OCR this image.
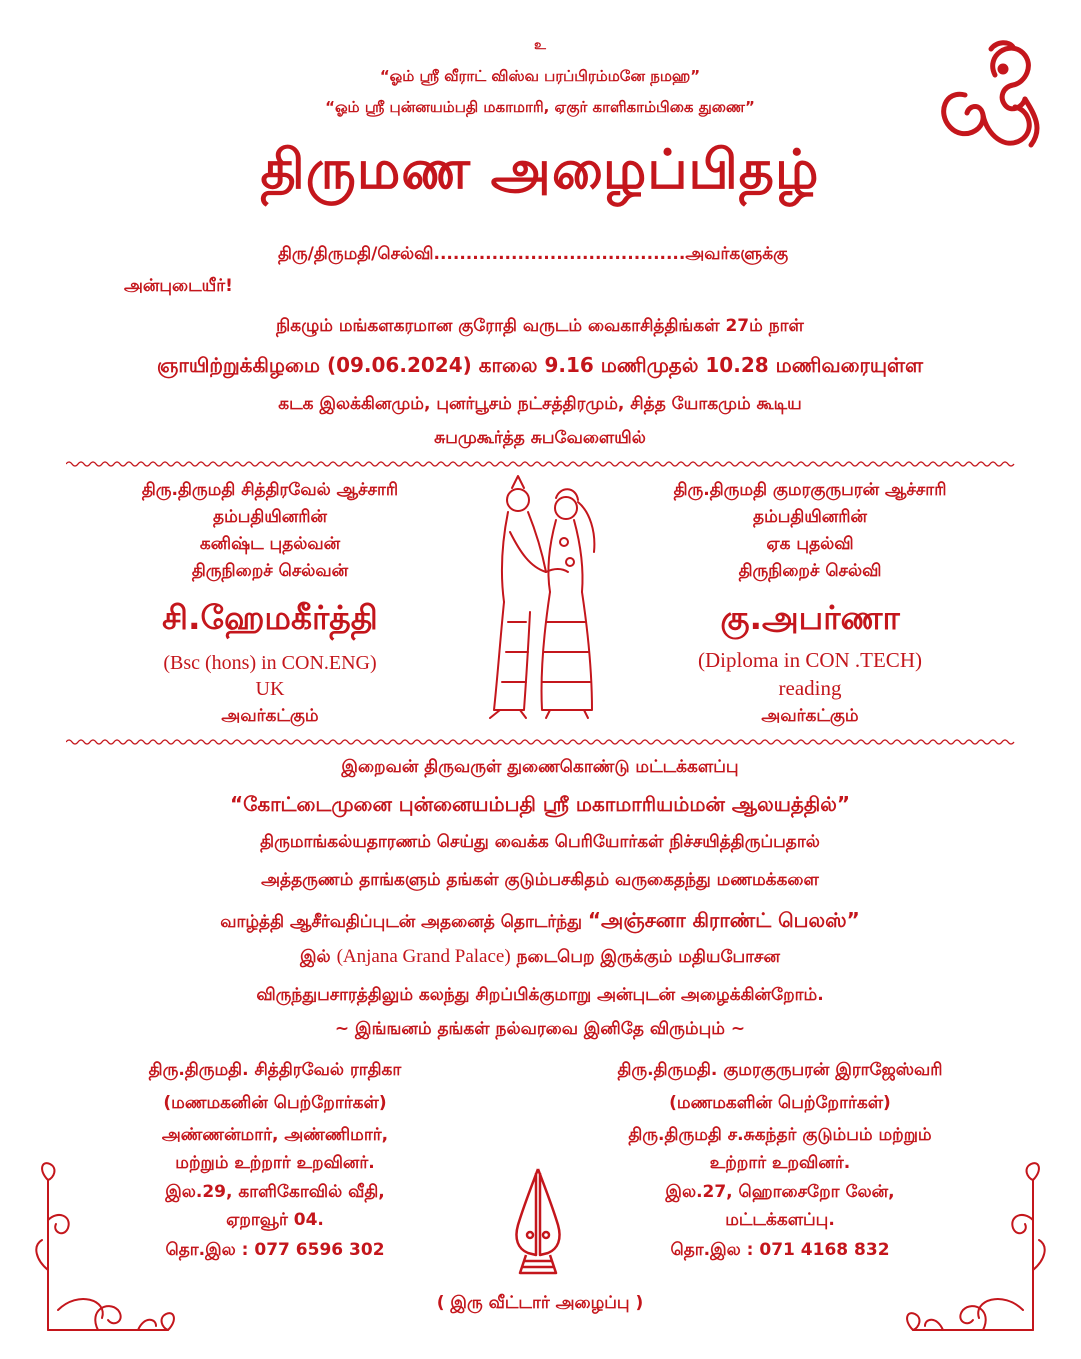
உ
“ஓம் ஸ்ரீ வீராட் விஸ்வ பரப்பிரம்மனே நமஹ”
“ஓம் ஸ்ரீ புன்னயம்பதி மகாமாரி, ஏகுர் காளிகாம்பிகை துணை”
திருமண அழைப்பிதழ்
திரு/திருமதி/செல்வி.......................................அவர்களுக்கு
அன்புடையீர்!
நிகழும் மங்களகரமான குரோதி வருடம் வைகாசித்திங்கள் 27ம் நாள்
ஞாயிற்றுக்கிழமை (09.06.2024) காலை 9.16 மணிமுதல் 10.28 மணிவரையுள்ள
கடக இலக்கினமும், புனர்பூசம் நட்சத்திரமும், சித்த யோகமும் கூடிய
சுபமுகூர்த்த சுபவேளையில்
திரு.திருமதி சித்திரவேல் ஆச்சாரி
தம்பதியினரின்
கனிஷ்ட புதல்வன்
திருநிறைச் செல்வன்
சி.ஹேமகீர்த்தி
(Bsc (hons) in CON.ENG)
UK
அவர்கட்கும்
திரு.திருமதி குமரகுருபரன் ஆச்சாரி
தம்பதியினரின்
ஏக புதல்வி
திருநிறைச் செல்வி
கு.அபர்ணா
(Diploma in CON .TECH)
reading
அவர்கட்கும்
இறைவன் திருவருள் துணைகொண்டு மட்டக்களப்பு
“கோட்டைமுனை புன்னையம்பதி ஸ்ரீ மகாமாரியம்மன் ஆலயத்தில்”
திருமாங்கல்யதாரணம் செய்து வைக்க பெரியோர்கள் நிச்சயித்திருப்பதால்
அத்தருணம் தாங்களும் தங்கள் குடும்பசகிதம் வருகைதந்து மணமக்களை
வாழ்த்தி ஆசீர்வதிப்புடன் அதனைத் தொடர்ந்து “அஞ்சனா கிராண்ட் பெலஸ்”
இல் (Anjana Grand Palace) நடைபெற இருக்கும் மதியபோசன
விருந்துபசாரத்திலும் கலந்து சிறப்பிக்குமாறு அன்புடன் அழைக்கின்றோம்.
~ இங்ஙனம் தங்கள் நல்வரவை இனிதே விரும்பும் ~
திரு.திருமதி. சித்திரவேல் ராதிகா
(மணமகனின் பெற்றோர்கள்)
அண்ணன்மார், அண்ணிமார்,
மற்றும் உற்றார் உறவினர்.
இல.29, காளிகோவில் வீதி,
ஏறாவூர் 04.
தொ.இல : 077 6596 302
திரு.திருமதி. குமரகுருபரன் இராஜேஸ்வரி
(மணமகளின் பெற்றோர்கள்)
திரு.திருமதி ச.சுகந்தர் குடும்பம் மற்றும்
உற்றார் உறவினர்.
இல.27, ஹொசைறோ லேன்,
மட்டக்களப்பு.
தொ.இல : 071 4168 832
( இரு வீட்டார் அழைப்பு )
